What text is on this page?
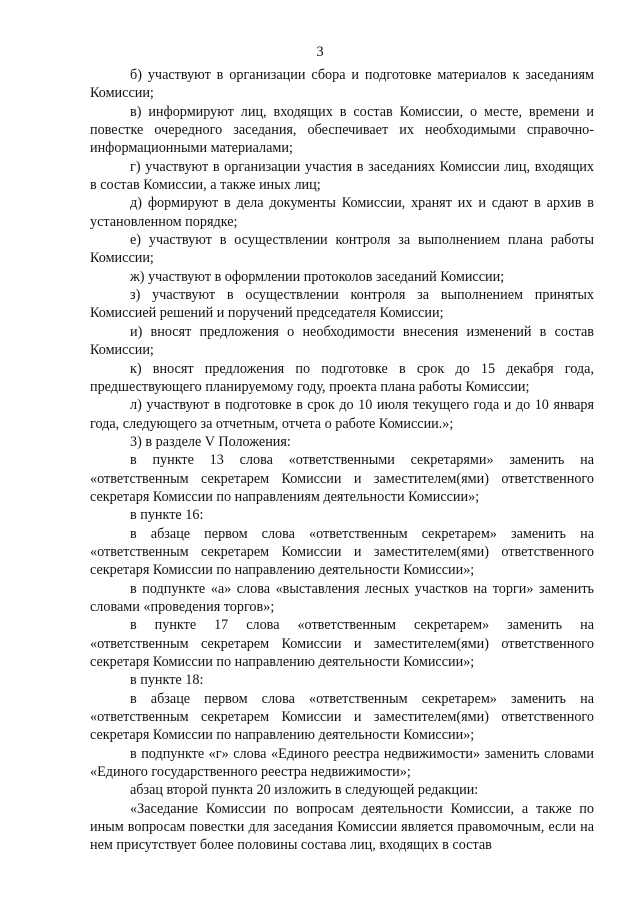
3

б) участвуют в организации сбора и подготовке материалов к заседаниям Комиссии;

в) информируют лиц, входящих в состав Комиссии, о месте, времени и повестке очередного заседания, обеспечивает их необходимыми справочно-информационными материалами;

г) участвуют в организации участия в заседаниях Комиссии лиц, входящих в состав Комиссии, а также иных лиц;

д) формируют в дела документы Комиссии, хранят их и сдают в архив в установленном порядке;

е) участвуют в осуществлении контроля за выполнением плана работы Комиссии;

ж) участвуют в оформлении протоколов заседаний Комиссии;

з) участвуют в осуществлении контроля за выполнением принятых Комиссией решений и поручений председателя Комиссии;

и) вносят предложения о необходимости внесения изменений в состав Комиссии;

к) вносят предложения по подготовке в срок до 15 декабря года, предшествующего планируемому году, проекта плана работы Комиссии;

л) участвуют в подготовке в срок до 10 июля текущего года и до 10 января года, следующего за отчетным, отчета о работе Комиссии.»;

3) в разделе V Положения:

в пункте 13 слова «ответственными секретарями» заменить на «ответственным секретарем Комиссии и заместителем(ями) ответственного секретаря Комиссии по направлениям деятельности Комиссии»;

в пункте 16:

в абзаце первом слова «ответственным секретарем» заменить на «ответственным секретарем Комиссии и заместителем(ями) ответственного секретаря Комиссии по направлению деятельности Комиссии»;

в подпункте «а» слова «выставления лесных участков на торги» заменить словами «проведения торгов»;

в пункте 17 слова «ответственным секретарем» заменить на «ответственным секретарем Комиссии и заместителем(ями) ответственного секретаря Комиссии по направлению деятельности Комиссии»;

в пункте 18:

в абзаце первом слова «ответственным секретарем» заменить на «ответственным секретарем Комиссии и заместителем(ями) ответственного секретаря Комиссии по направлению деятельности Комиссии»;

в подпункте «г» слова «Единого реестра недвижимости» заменить словами «Единого государственного реестра недвижимости»;

абзац второй пункта 20 изложить в следующей редакции:

«Заседание Комиссии по вопросам деятельности Комиссии, а также по иным вопросам повестки для заседания Комиссии является правомочным, если на нем присутствует более половины состава лиц, входящих в состав
